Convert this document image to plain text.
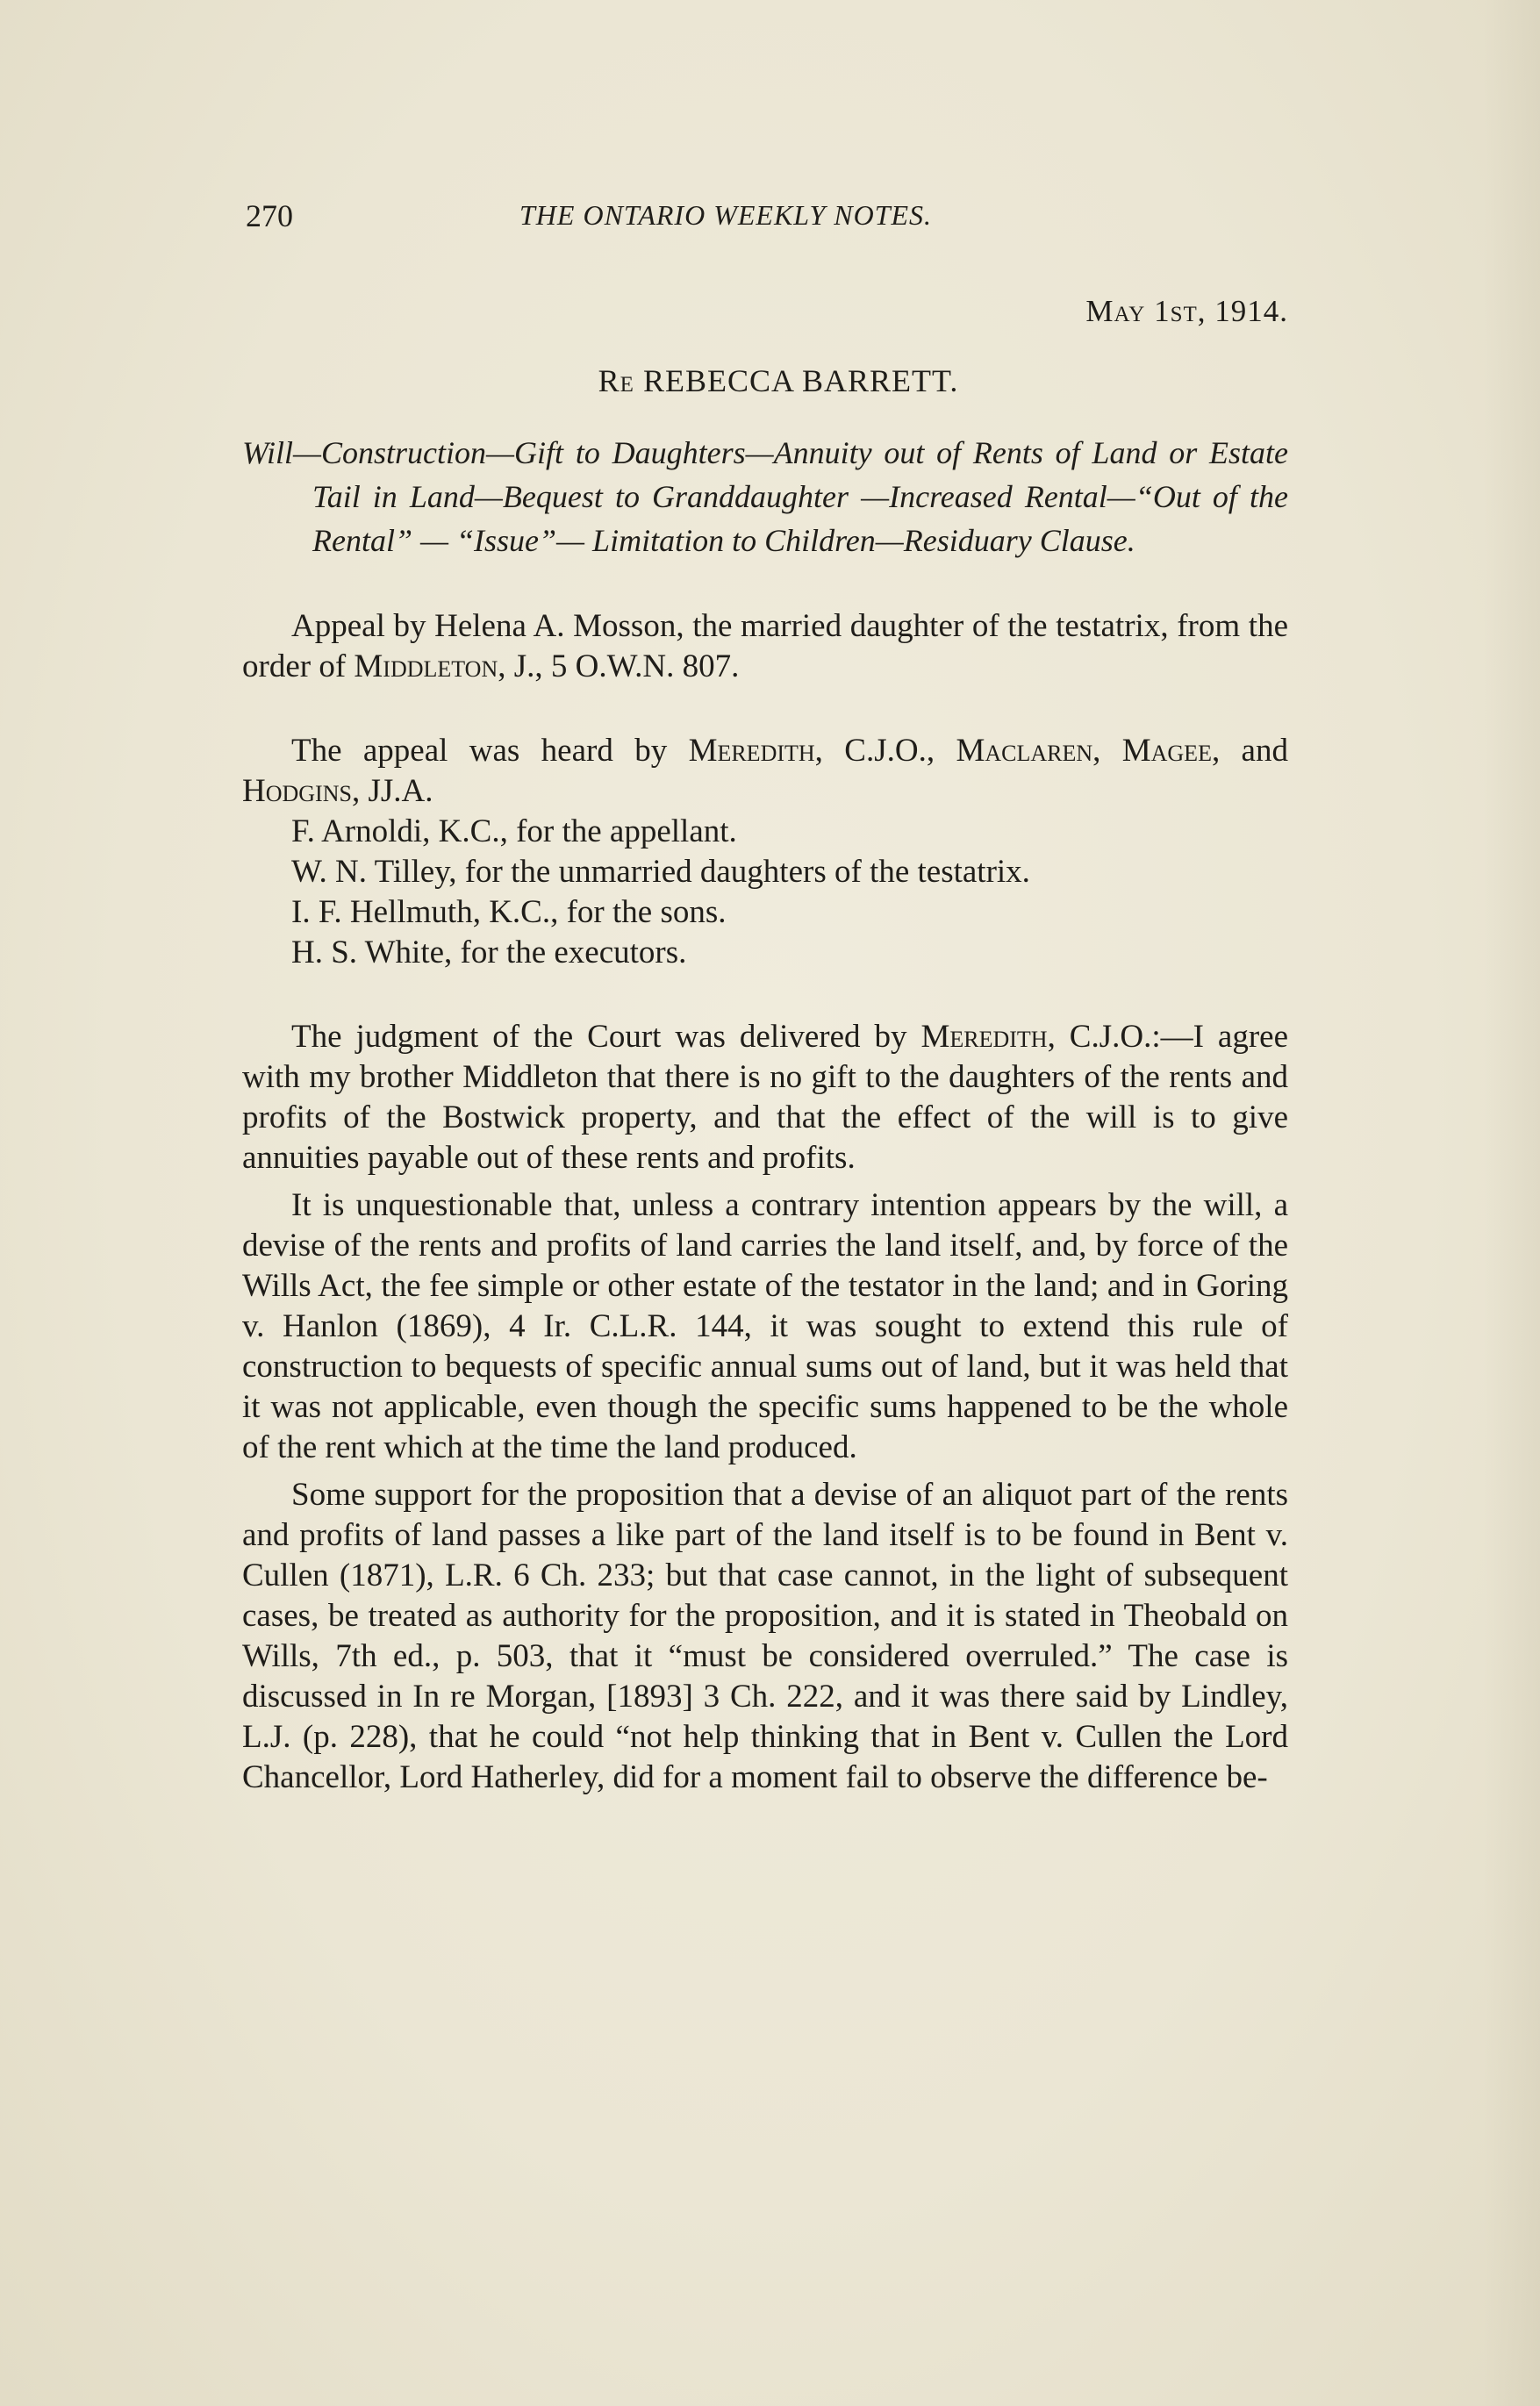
270	THE ONTARIO WEEKLY NOTES.
May 1st, 1914.
Re REBECCA BARRETT.
Will—Construction—Gift to Daughters—Annuity out of Rents of Land or Estate Tail in Land—Bequest to Granddaughter —Increased Rental—“Out of the Rental” — “Issue”— Limitation to Children—Residuary Clause.

Appeal by Helena A. Mosson, the married daughter of the testatrix, from the order of Middleton, J., 5 O.W.N. 807.

The appeal was heard by Meredith, C.J.O., Maclaren, Magee, and Hodgins, JJ.A.

F. Arnoldi, K.C., for the appellant.

W. N. Tilley, for the unmarried daughters of the testatrix.

I. F. Hellmuth, K.C., for the sons.

H. S. White, for the executors.

The judgment of the Court was delivered by Meredith, C.J.O.:—I agree with my brother Middleton that there is no gift to the daughters of the rents and profits of the Bostwick property, and that the effect of the will is to give annuities payable out of these rents and profits.

It is unquestionable that, unless a contrary intention appears by the will, a devise of the rents and profits of land carries the land itself, and, by force of the Wills Act, the fee simple or other estate of the testator in the land; and in Goring v. Hanlon (1869), 4 Ir. C.L.R. 144, it was sought to extend this rule of construction to bequests of specific annual sums out of land, but it was held that it was not applicable, even though the specific sums happened to be the whole of the rent which at the time the land produced.

Some support for the proposition that a devise of an aliquot part of the rents and profits of land passes a like part of the land itself is to be found in Bent v. Cullen (1871), L.R. 6 Ch. 233; but that case cannot, in the light of subsequent cases, be treated as authority for the proposition, and it is stated in Theobald on Wills, 7th ed., p. 503, that it “must be considered overruled.” The case is discussed in In re Morgan, [1893] 3 Ch. 222, and it was there said by Lindley, L.J. (p. 228), that he could “not help thinking that in Bent v. Cullen the Lord Chancellor, Lord Hatherley, did for a moment fail to observe the difference be-
